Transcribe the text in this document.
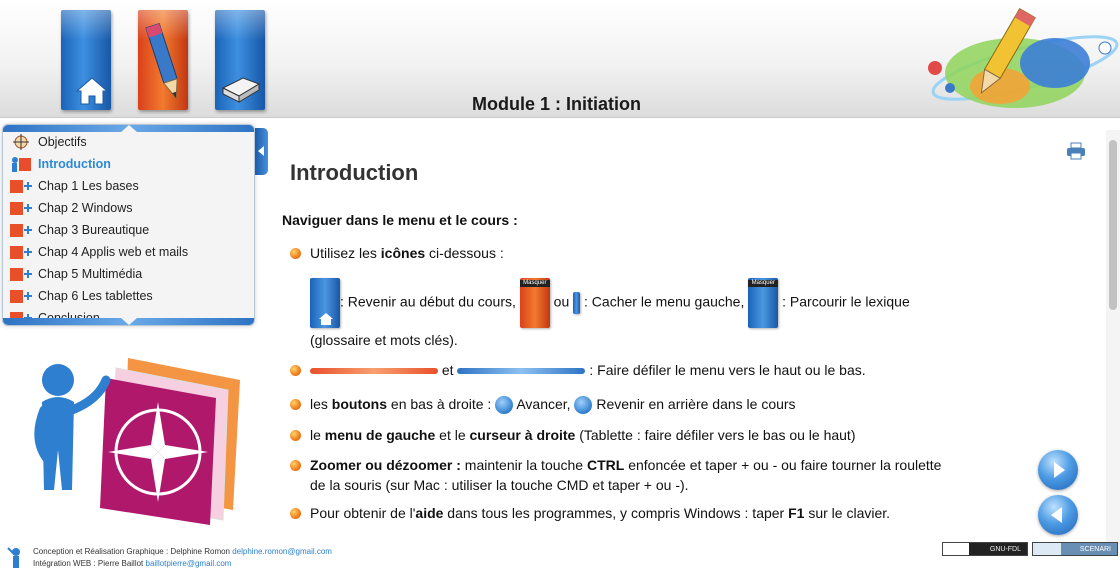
Module 1 : Initiation
Objectifs
Introduction
Chap 1 Les bases
Chap 2 Windows
Chap 3 Bureautique
Chap 4 Applis web et mails
Chap 5 Multimédia
Chap 6 Les tablettes
Introduction
Naviguer dans le menu et le cours :
Utilisez les icônes ci-dessous :
: Revenir au début du cours,
Masquer
ou : Cacher le menu gauche,
Masquer
: Parcourir le lexique
(glossaire et mots clés).
et	: Faire défiler le menu vers le haut ou le bas.
les boutons en bas à droite :  Avancer,  Revenir en arrière dans le cours
le menu de gauche et le curseur à droite (Tablette : faire défiler vers le bas ou le haut)
Zoomer ou dézoomer : maintenir la touche CTRL enfoncée et taper + ou - ou faire tourner la roulette
de la souris (sur Mac : utiliser la touche CMD et taper + ou -).
Pour obtenir de l'aide dans tous les programmes, y compris Windows : taper F1 sur le clavier.
Conception et Réalisation Graphique : Delphine Romon delphine.romon@gmail.com
Intégration WEB : Pierre Baillot baillotpierre@gmail.com
GNU-FDL	SCENARI
